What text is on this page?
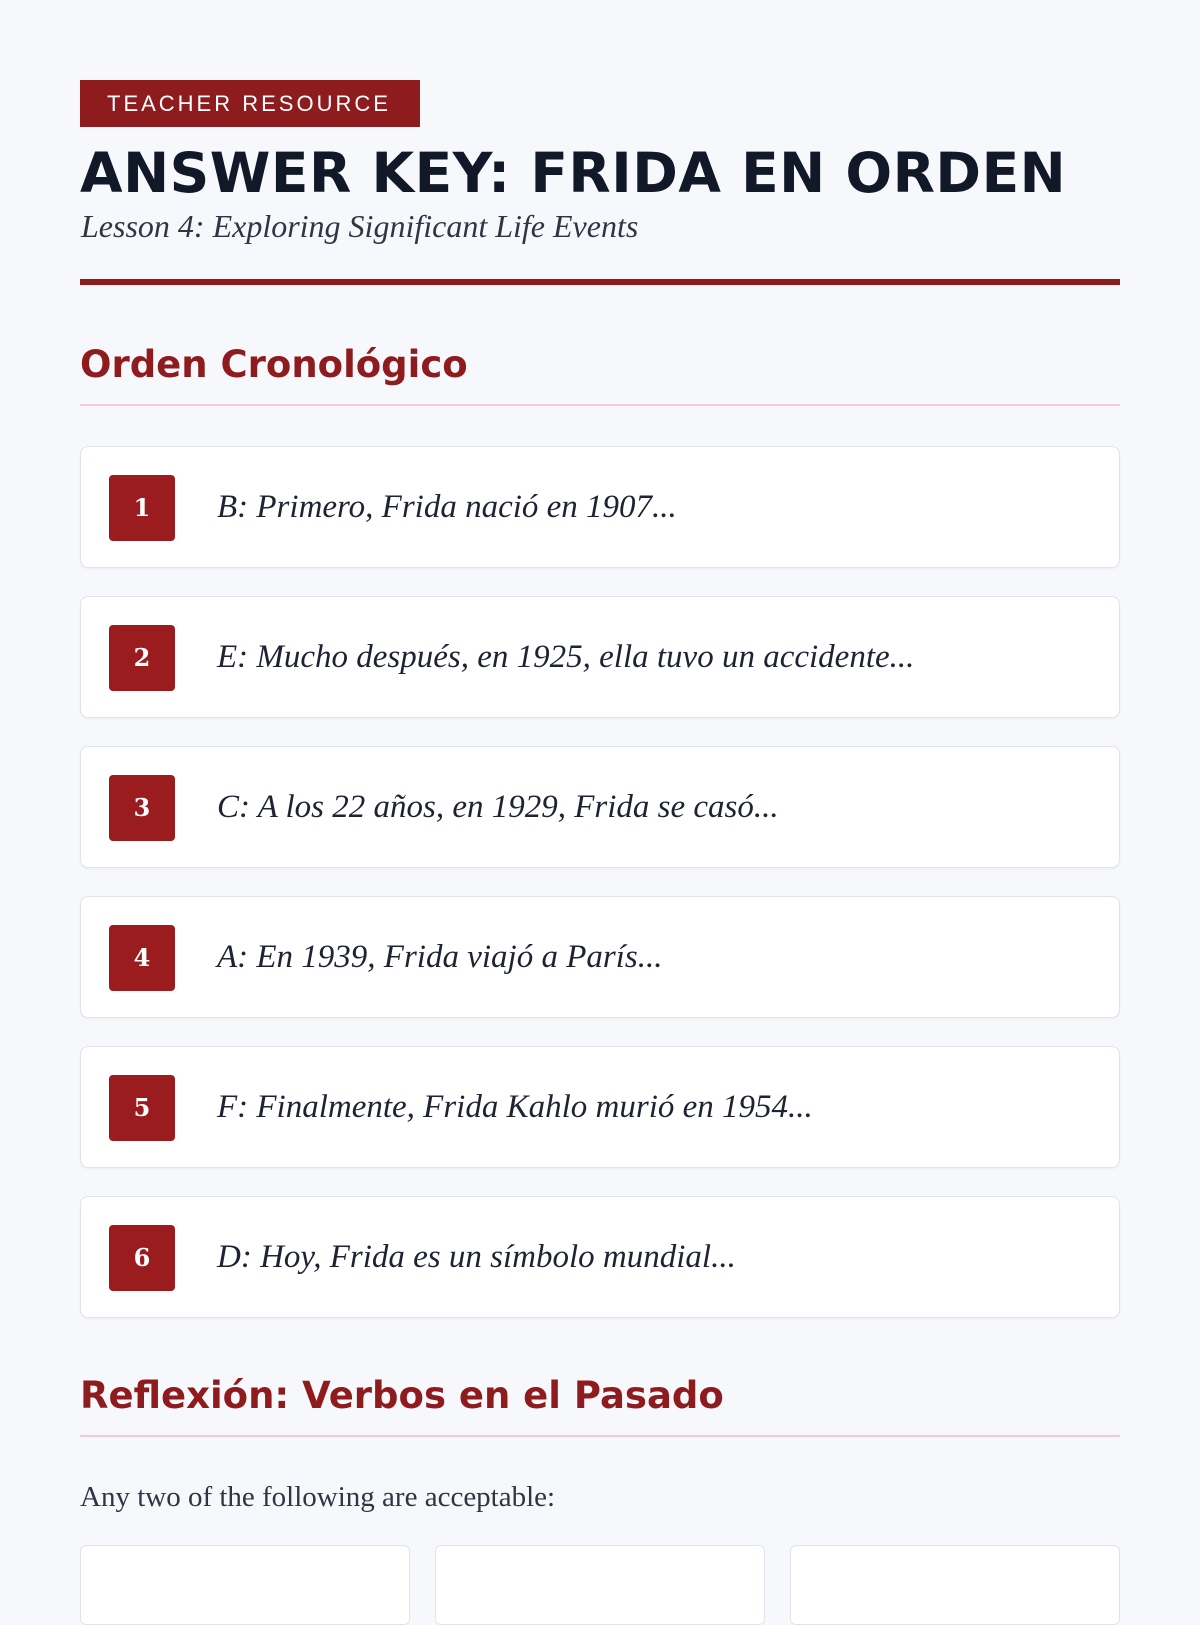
TEACHER RESOURCE
ANSWER KEY: FRIDA EN ORDEN
Lesson 4: Exploring Significant Life Events
Orden Cronológico
1	B: Primero, Frida nació en 1907...
2	E: Mucho después, en 1925, ella tuvo un accidente...
3	C: A los 22 años, en 1929, Frida se casó...
4	A: En 1939, Frida viajó a París...
5	F: Finalmente, Frida Kahlo murió en 1954...
6	D: Hoy, Frida es un símbolo mundial...
Reflexión: Verbos en el Pasado
Any two of the following are acceptable:
